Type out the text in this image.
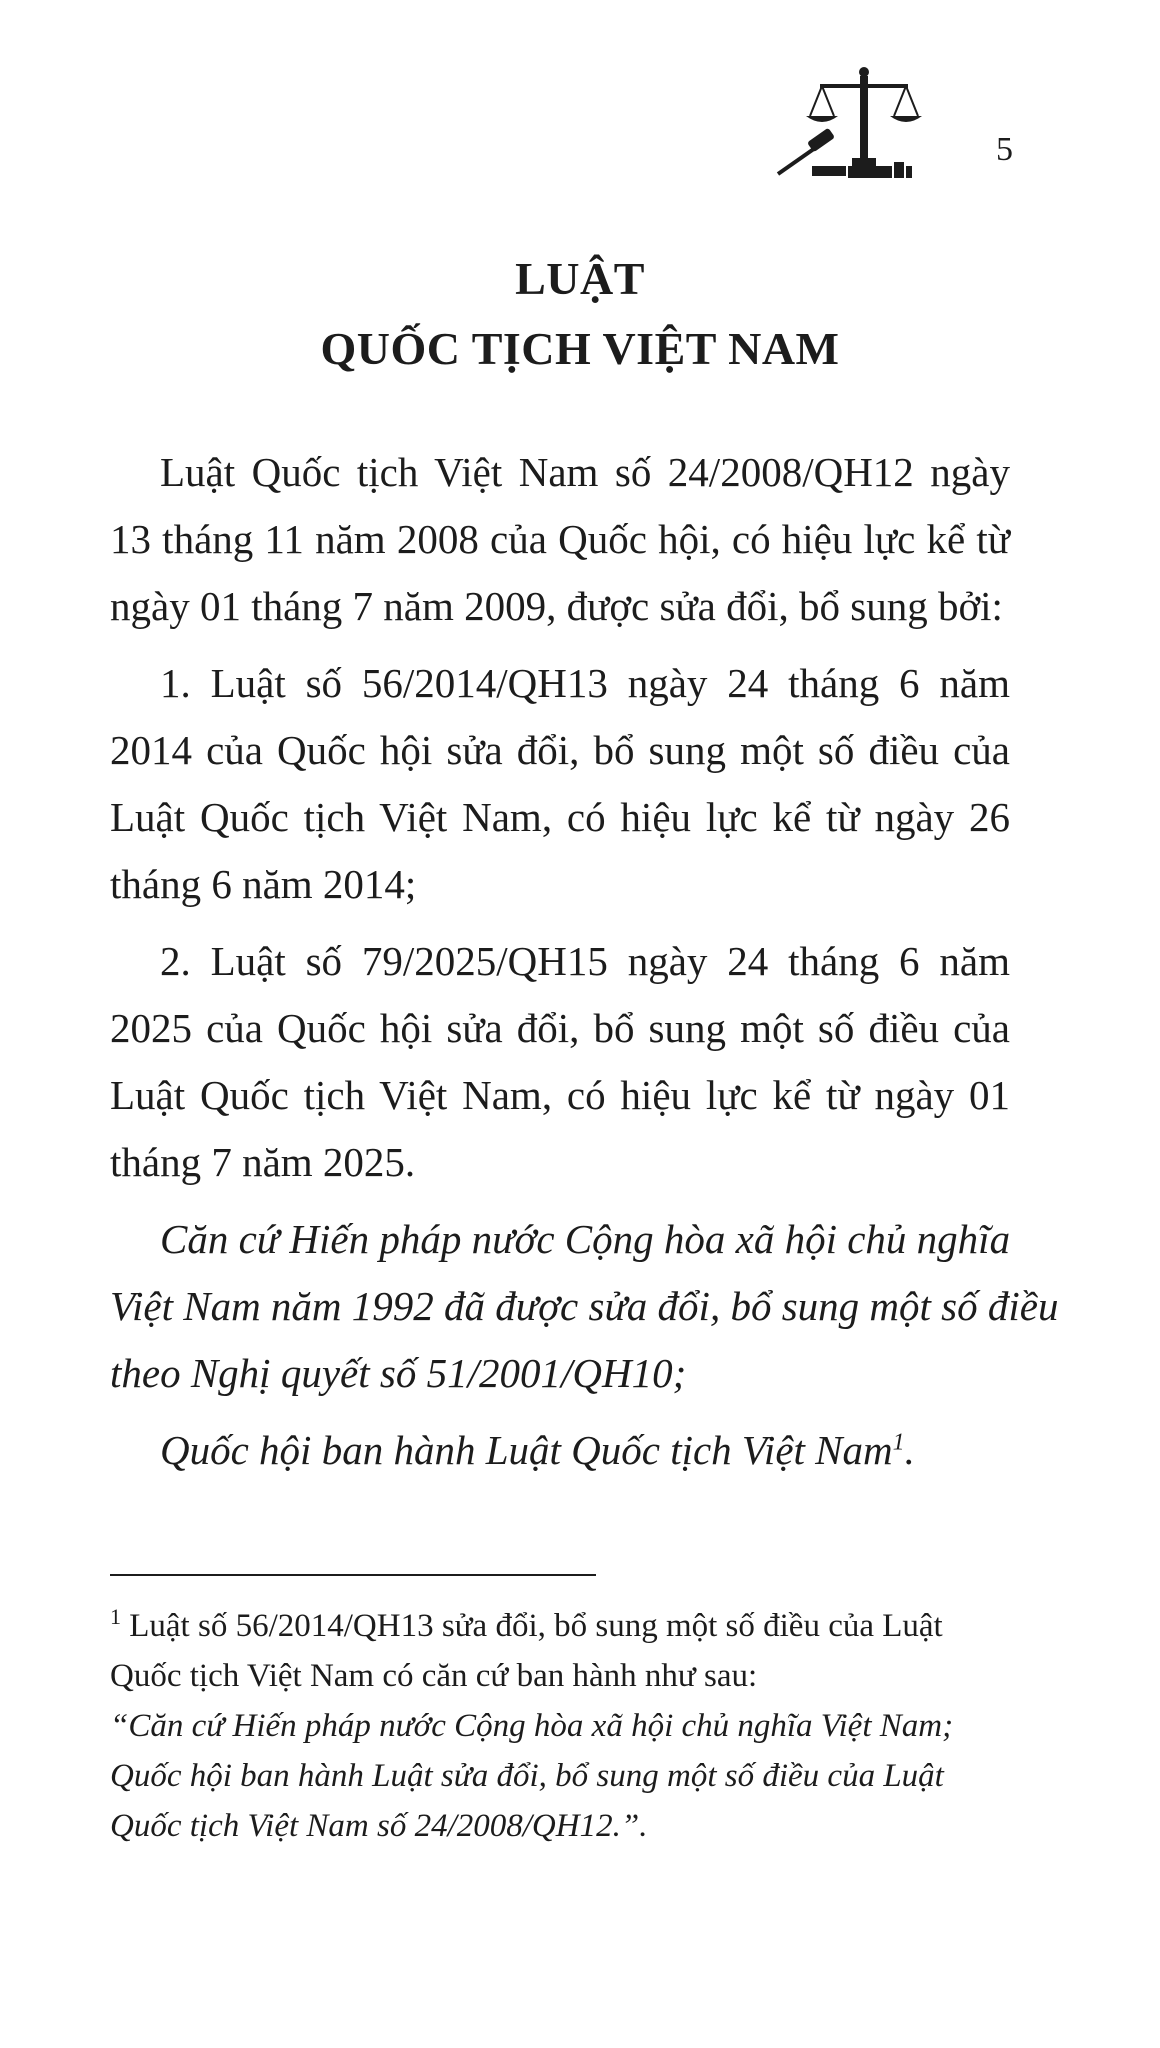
5
LUẬT
QUỐC TỊCH VIỆT NAM
Luật Quốc tịch Việt Nam số 24/2008/QH12 ngày
13 tháng 11 năm 2008 của Quốc hội, có hiệu lực kể từ
ngày 01 tháng 7 năm 2009, được sửa đổi, bổ sung bởi:
1. Luật số 56/2014/QH13 ngày 24 tháng 6 năm
2014 của Quốc hội sửa đổi, bổ sung một số điều của
Luật Quốc tịch Việt Nam, có hiệu lực kể từ ngày 26
tháng 6 năm 2014;
2. Luật số 79/2025/QH15 ngày 24 tháng 6 năm
2025 của Quốc hội sửa đổi, bổ sung một số điều của
Luật Quốc tịch Việt Nam, có hiệu lực kể từ ngày 01
tháng 7 năm 2025.
Căn cứ Hiến pháp nước Cộng hòa xã hội chủ nghĩa
Việt Nam năm 1992 đã được sửa đổi, bổ sung một số điều
theo Nghị quyết số 51/2001/QH10;
Quốc hội ban hành Luật Quốc tịch Việt Nam$^1$.
$^1$ Luật số 56/2014/QH13 sửa đổi, bổ sung một số điều của Luật
Quốc tịch Việt Nam có căn cứ ban hành như sau:
“Căn cứ Hiến pháp nước Cộng hòa xã hội chủ nghĩa Việt Nam;
Quốc hội ban hành Luật sửa đổi, bổ sung một số điều của Luật
Quốc tịch Việt Nam số 24/2008/QH12.”.
